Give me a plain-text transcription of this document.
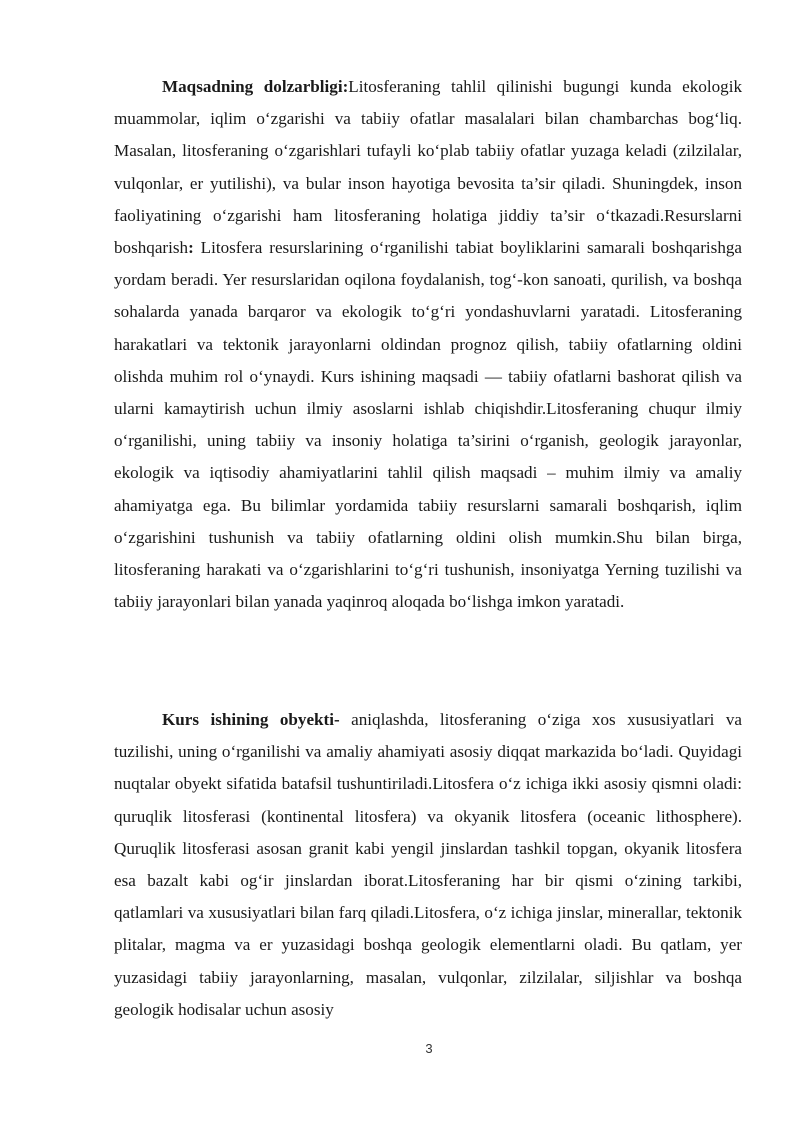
Maqsadning dolzarbligi:Litosferaning tahlil qilinishi bugungi kunda ekologik muammolar, iqlim o‘zgarishi va tabiiy ofatlar masalalari bilan chambarchas bog‘liq. Masalan, litosferaning o‘zgarishlari tufayli ko‘plab tabiiy ofatlar yuzaga keladi (zilzilalar, vulqonlar, er yutilishi), va bular inson hayotiga bevosita ta’sir qiladi. Shuningdek, inson faoliyatining o‘zgarishi ham litosferaning holatiga jiddiy ta’sir o‘tkazadi.Resurslarni boshqarish: Litosfera resurslarining o‘rganilishi tabiat boyliklarini samarali boshqarishga yordam beradi. Yer resurslaridan oqilona foydalanish, tog‘-kon sanoati, qurilish, va boshqa sohalarda yanada barqaror va ekologik to‘g‘ri yondashuvlarni yaratadi. Litosferaning harakatlari va tektonik jarayonlarni oldindan prognoz qilish, tabiiy ofatlarning oldini olishda muhim rol o‘ynaydi. Kurs ishining maqsadi — tabiiy ofatlarni bashorat qilish va ularni kamaytirish uchun ilmiy asoslarni ishlab chiqishdir.Litosferaning chuqur ilmiy o‘rganilishi, uning tabiiy va insoniy holatiga ta’sirini o‘rganish, geologik jarayonlar, ekologik va iqtisodiy ahamiyatlarini tahlil qilish maqsadi – muhim ilmiy va amaliy ahamiyatga ega. Bu bilimlar yordamida tabiiy resurslarni samarali boshqarish, iqlim o‘zgarishini tushunish va tabiiy ofatlarning oldini olish mumkin.Shu bilan birga, litosferaning harakati va o‘zgarishlarini to‘g‘ri tushunish, insoniyatga Yerning tuzilishi va tabiiy jarayonlari bilan yanada yaqinroq aloqada bo‘lishga imkon yaratadi.

Kurs ishining obyekti- aniqlashda, litosferaning o‘ziga xos xususiyatlari va tuzilishi, uning o‘rganilishi va amaliy ahamiyati asosiy diqqat markazida bo‘ladi. Quyidagi nuqtalar obyekt sifatida batafsil tushuntiriladi.Litosfera o‘z ichiga ikki asosiy qismni oladi: quruqlik litosferasi (kontinental litosfera) va okyanik litosfera (oceanic lithosphere). Quruqlik litosferasi asosan granit kabi yengil jinslardan tashkil topgan, okyanik litosfera esa bazalt kabi og‘ir jinslardan iborat.Litosferaning har bir qismi o‘zining tarkibi, qatlamlari va xususiyatlari bilan farq qiladi.Litosfera, o‘z ichiga jinslar, minerallar, tektonik plitalar, magma va er yuzasidagi boshqa geologik elementlarni oladi. Bu qatlam, yer yuzasidagi tabiiy jarayonlarning, masalan, vulqonlar, zilzilalar, siljishlar va boshqa geologik hodisalar uchun asosiy

3
